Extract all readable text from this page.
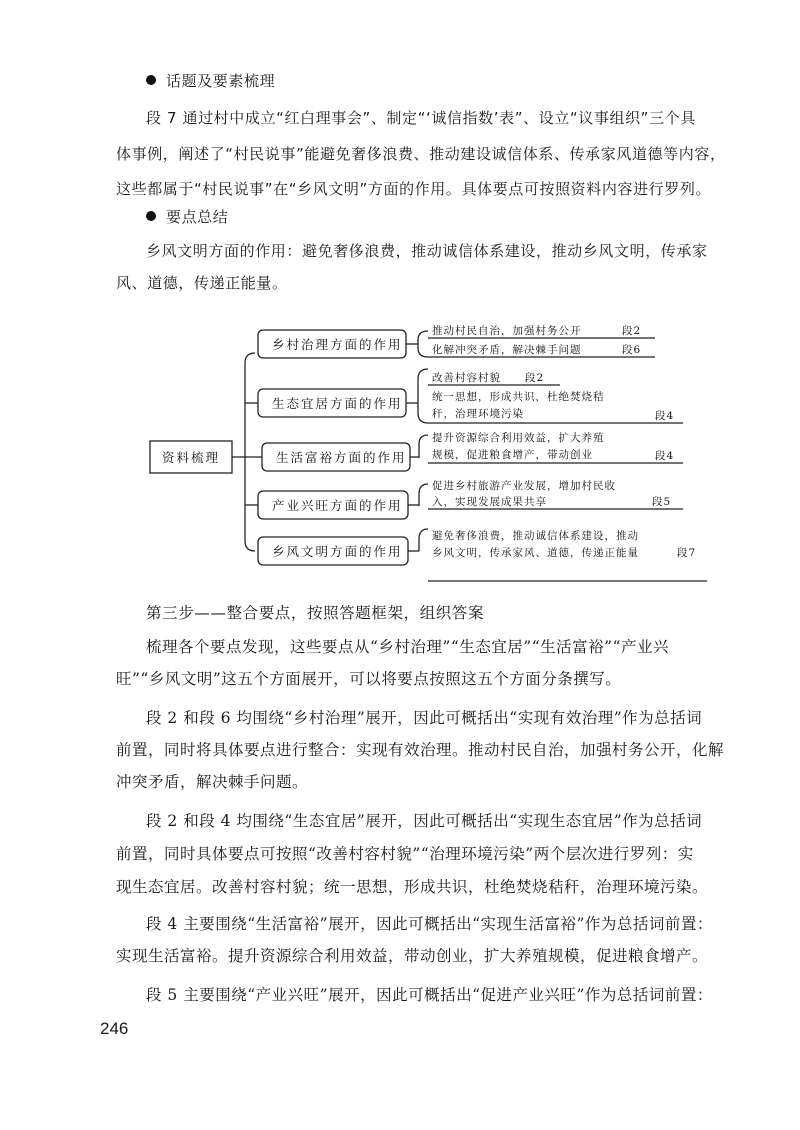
话题及要素梳理
段 7 通过村中成立“红白理事会”、制定“‘诚信指数’表”、设立“议事组织”三个具
体事例，阐述了“村民说事”能避免奢侈浪费、推动建设诚信体系、传承家风道德等内容，
这些都属于“村民说事”在“乡风文明”方面的作用。具体要点可按照资料内容进行罗列。
要点总结
乡风文明方面的作用：避免奢侈浪费，推动诚信体系建设，推动乡风文明，传承家
风、道德，传递正能量。
资料梳理
乡村治理方面的作用
生态宜居方面的作用
生活富裕方面的作用
产业兴旺方面的作用
乡风文明方面的作用
推动村民自治，加强村务公开	段2
化解冲突矛盾，解决棘手问题	段6
改善村容村貌 段2
统一思想，形成共识，杜绝焚烧秸
秆，治理环境污染	段4
提升资源综合利用效益，扩大养殖
规模，促进粮食增产，带动创业	段4
促进乡村旅游产业发展，增加村民收
入，实现发展成果共享	段5
避免奢侈浪费，推动诚信体系建设，推动
乡风文明，传承家风、道德，传递正能量	段7
第三步——整合要点，按照答题框架，组织答案
梳理各个要点发现，这些要点从“乡村治理”“生态宜居”“生活富裕”“产业兴
旺”“乡风文明”这五个方面展开，可以将要点按照这五个方面分条撰写。
段 2 和段 6 均围绕“乡村治理”展开，因此可概括出“实现有效治理”作为总括词
前置，同时将具体要点进行整合：实现有效治理。推动村民自治，加强村务公开，化解
冲突矛盾，解决棘手问题。
段 2 和段 4 均围绕“生态宜居”展开，因此可概括出“实现生态宜居”作为总括词
前置，同时具体要点可按照“改善村容村貌”“治理环境污染”两个层次进行罗列：实
现生态宜居。改善村容村貌；统一思想，形成共识，杜绝焚烧秸秆，治理环境污染。
段 4 主要围绕“生活富裕”展开，因此可概括出“实现生活富裕”作为总括词前置：
实现生活富裕。提升资源综合利用效益，带动创业，扩大养殖规模，促进粮食增产。
段 5 主要围绕“产业兴旺”展开，因此可概括出“促进产业兴旺”作为总括词前置：
246
